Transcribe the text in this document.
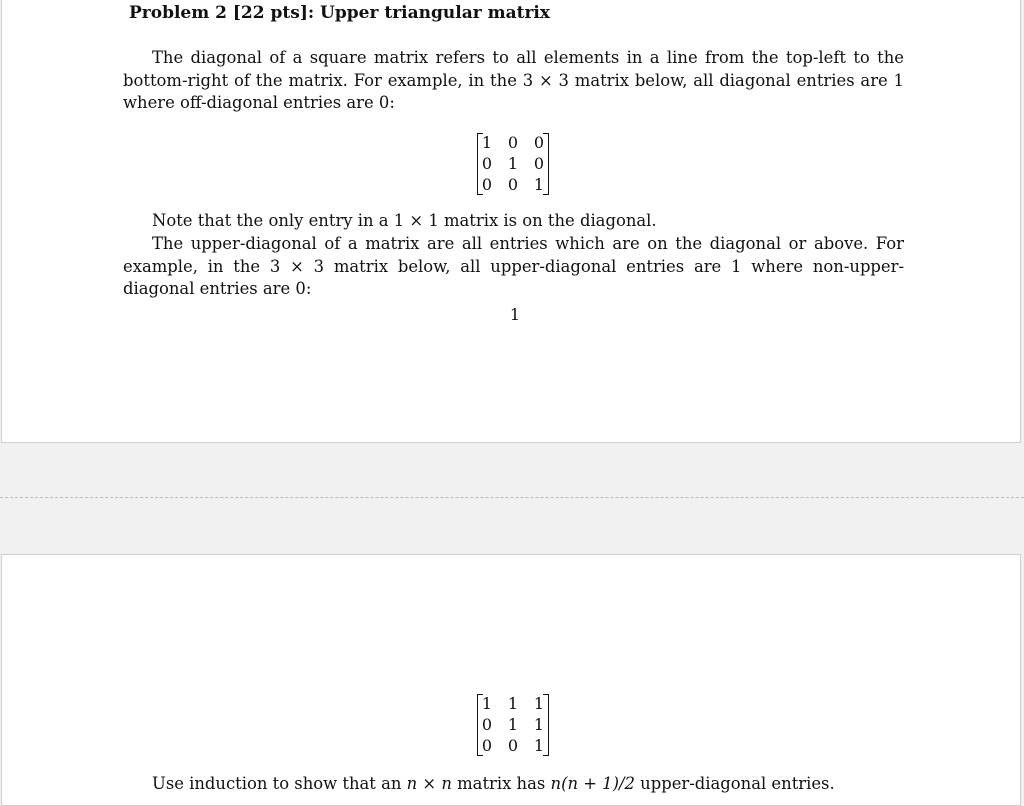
Problem 2 [22 pts]: Upper triangular matrix
The diagonal of a square matrix refers to all elements in a line from the top-left to the bottom-right of the matrix. For example, in the 3 × 3 matrix below, all diagonal entries are 1 where off-diagonal entries are 0:
1 0 0
0 1 0
0 0 1
Note that the only entry in a 1 × 1 matrix is on the diagonal.
The upper-diagonal of a matrix are all entries which are on the diagonal or above. For example, in the 3 × 3 matrix below, all upper-diagonal entries are 1 where non-upper-diagonal entries are 0:
1
1 1 1
0 1 1
0 0 1
Use induction to show that an n × n matrix has n(n + 1)/2 upper-diagonal entries.
